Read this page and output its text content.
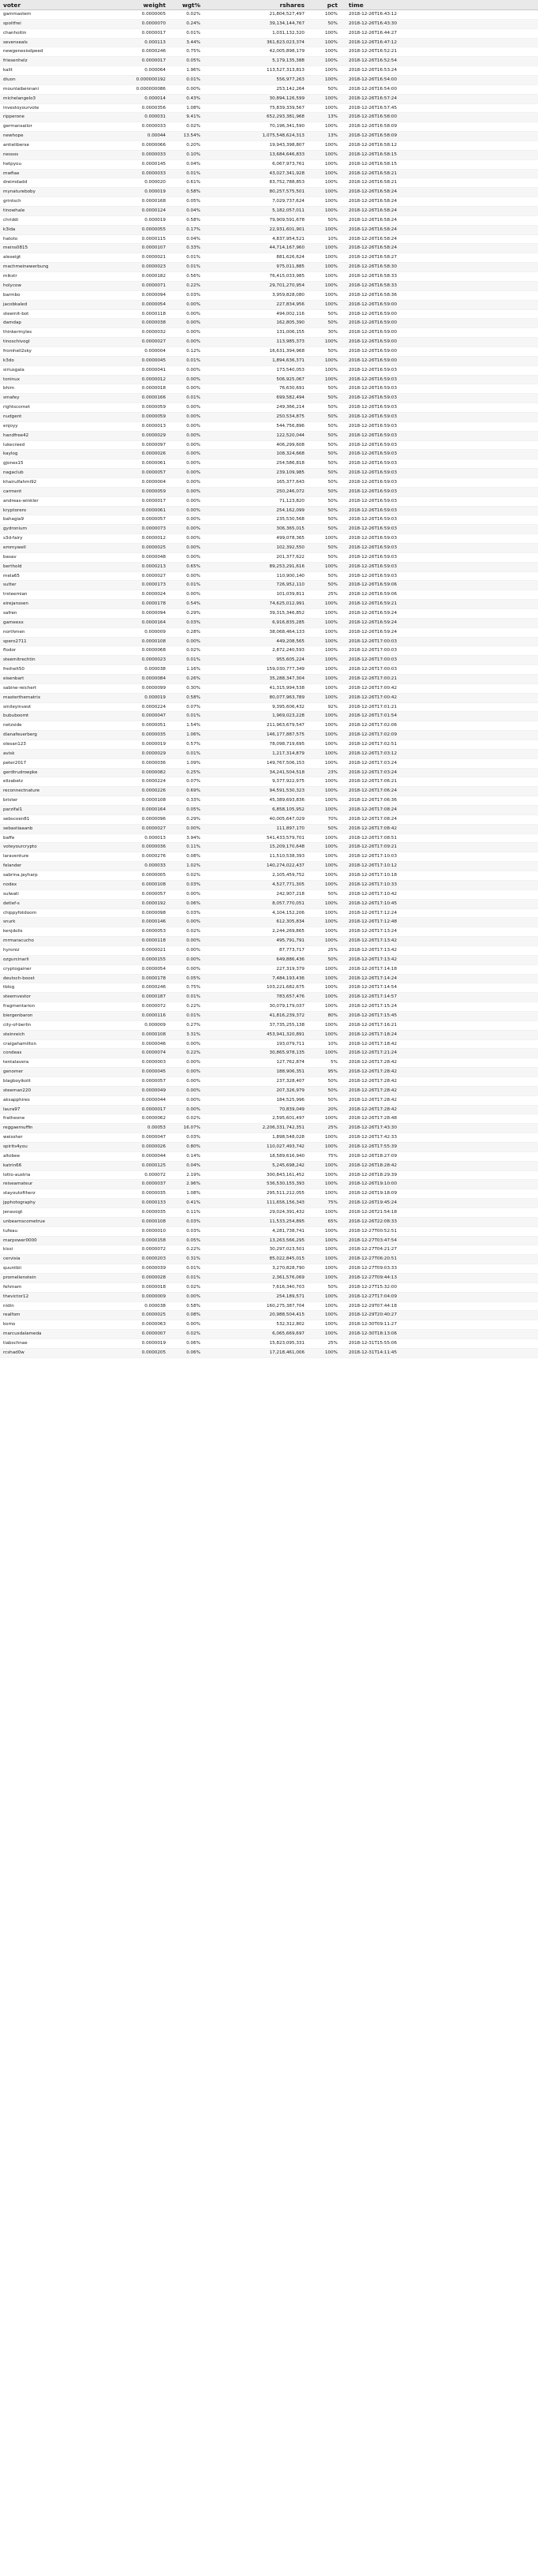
voter	weight	wgt%	rshares	pct	time
gammastern	0.0000005	0.02%	21,804,527,497	100%	2018-12-26T16:43:12
spoitfrei	0.0000070	0.24%	39,134,144,767	50%	2018-12-26T16:43:30
chanhoitin	0.0000017	0.01%	1,031,132,320	100%	2018-12-26T16:44:27
sevenseals	0.000113	3.44%	361,823,023,374	100%	2018-12-26T16:47:12
newgenesisdpeed	0.0000246	0.75%	42,005,898,179	100%	2018-12-26T16:52:21
friesenhelz	0.0000017	0.05%	5,179,135,388	100%	2018-12-26T16:52:54
kalit	0.000064	1.96%	113,527,313,813	100%	2018-12-26T16:53:24
diuon	0.000000192	0.01%	556,977,263	100%	2018-12-26T16:54:00
mounlaibennani	0.000000086	0.00%	253,142,264	50%	2018-12-26T16:54:00
michelangelo3	0.000014	0.43%	30,894,126,599	100%	2018-12-26T16:57:24
investoyourvote	0.0000356	1.08%	75,839,339,567	100%	2018-12-26T16:57:45
ripperone	0.000031	9.41%	652,293,381,968	13%	2018-12-26T16:58:00
germansailor	0.0000033	0.02%	70,196,341,590	100%	2018-12-26T16:58:09
newhope	0.00044	13.54%	1,075,548,624,313	13%	2018-12-26T16:58:09
antieliberse	0.0000066	0.20%	19,943,398,807	100%	2018-12-26T16:58:12
nessos	0.0000033	0.10%	13,684,646,833	100%	2018-12-26T16:58:15
hetpyou	0.0000145	0.04%	6,067,973,761	100%	2018-12-26T16:58:15
mwfiae	0.0000033	0.01%	43,027,341,928	100%	2018-12-26T16:58:21
dreimdadd	0.000020	0.61%	83,752,788,853	100%	2018-12-26T16:58:21
mynatureboby	0.000019	0.58%	80,257,575,501	100%	2018-12-26T16:58:24
grintsch	0.0000168	0.05%	7,029,737,624	100%	2018-12-26T16:58:24
tinowhale	0.0000124	0.04%	5,182,057,011	100%	2018-12-26T16:58:24
chriddi	0.000019	0.58%	79,909,591,678	50%	2018-12-26T16:58:24
k3ida	0.0000055	0.17%	22,931,601,901	100%	2018-12-26T16:58:24
hatoto	0.0000115	0.04%	4,837,954,521	10%	2018-12-26T16:58:24
meins0815	0.0000107	0.33%	44,714,167,960	100%	2018-12-26T16:58:24
alexeigt	0.0000021	0.01%	881,626,624	100%	2018-12-26T16:58:27
machmeinewerbung	0.0000023	0.01%	975,011,885	100%	2018-12-26T16:58:30
mikstr	0.0000182	0.56%	76,415,033,985	100%	2018-12-26T16:58:33
holycow	0.0000071	0.22%	29,701,270,954	100%	2018-12-26T16:58:33
barmbo	0.0000094	0.03%	3,959,828,080	100%	2018-12-26T16:58:36
jacobkaled	0.0000054	0.00%	227,834,956	100%	2018-12-26T16:59:00
steemit-bot	0.0000118	0.00%	494,002,116	50%	2018-12-26T16:59:00
damdap	0.0000038	0.00%	162,805,390	50%	2018-12-26T16:59:00
thinkermyles	0.0000032	0.00%	131,006,155	30%	2018-12-26T16:59:00
tinoschivogl	0.0000027	0.00%	113,985,373	100%	2018-12-26T16:59:00
fromhell2sky	0.000004	0.12%	16,631,394,968	50%	2018-12-26T16:59:00
k3do	0.0000045	0.01%	1,894,636,371	100%	2018-12-26T16:59:00
siriusgala	0.0000041	0.00%	173,540,053	100%	2018-12-26T16:59:03
toninux	0.0000012	0.00%	506,925,067	100%	2018-12-26T16:59:03
bhim	0.0000018	0.00%	76,630,691	50%	2018-12-26T16:59:03
smafey	0.0000166	0.01%	699,582,494	50%	2018-12-26T16:59:03
rightscornet	0.0000059	0.00%	249,366,214	50%	2018-12-26T16:59:03
nudgent	0.0000059	0.00%	250,534,875	50%	2018-12-26T16:59:03
enjoyy	0.0000013	0.00%	544,756,896	50%	2018-12-26T16:59:03
handfree42	0.0000029	0.00%	122,520,044	50%	2018-12-26T16:59:03
lukecreed	0.0000097	0.00%	406,299,608	50%	2018-12-26T16:59:03
kaylog	0.0000026	0.00%	108,324,668	50%	2018-12-26T16:59:03
gjones15	0.0000061	0.00%	254,586,818	50%	2018-12-26T16:59:03
nagaclub	0.0000057	0.00%	239,109,985	50%	2018-12-26T16:59:03
khairulfahmi92	0.0000004	0.00%	165,377,643	50%	2018-12-26T16:59:03
carment	0.0000059	0.00%	250,246,072	50%	2018-12-26T16:59:03
andreas-winkler	0.0000017	0.00%	71,123,820	50%	2018-12-26T16:59:03
kryptorero	0.0000061	0.00%	254,162,099	50%	2018-12-26T16:59:03
bahagia9	0.0000057	0.00%	235,530,568	50%	2018-12-26T16:59:03
gydronium	0.0000073	0.00%	306,365,015	50%	2018-12-26T16:59:03
s3d-fairy	0.0000012	0.00%	499,078,365	100%	2018-12-26T16:59:03
emmywell	0.0000025	0.00%	102,392,550	50%	2018-12-26T16:59:03
basav	0.0000048	0.00%	201,377,622	50%	2018-12-26T16:59:03
berthold	0.0000213	0.65%	89,253,291,616	100%	2018-12-26T16:59:03
mela65	0.0000027	0.00%	110,900,140	50%	2018-12-26T16:59:03
sutter	0.0000173	0.01%	726,952,110	50%	2018-12-26T16:59:06
trsteemian	0.0000024	0.00%	101,039,811	25%	2018-12-26T16:59:06
eirejanssen	0.0000178	0.54%	74,625,012,991	100%	2018-12-26T16:59:21
safren	0.0000094	0.29%	39,315,346,852	100%	2018-12-26T16:59:24
gameexx	0.0000164	0.03%	6,916,835,285	100%	2018-12-26T16:59:24
northmen	0.000009	0.28%	38,068,464,133	100%	2018-12-26T16:59:24
spero2711	0.0000108	0.00%	449,208,565	100%	2018-12-26T17:00:03
flodor	0.0000068	0.02%	2,872,240,593	100%	2018-12-26T17:00:03
steemitrechtin	0.0000023	0.01%	955,605,224	100%	2018-12-26T17:00:03
freihelt50	0.000038	1.16%	159,030,777,349	100%	2018-12-26T17:00:03
eisenbart	0.0000084	0.26%	35,288,347,304	100%	2018-12-26T17:00:21
sabine-reichert	0.0000099	0.30%	41,315,994,538	100%	2018-12-26T17:00:42
masterthematrix	0.000019	0.58%	80,077,963,789	100%	2018-12-26T17:00:42
smileyinvest	0.0000224	0.07%	9,395,606,432	92%	2018-12-26T17:01:21
bububoomt	0.0000047	0.01%	1,969,023,228	100%	2018-12-26T17:01:54
netzside	0.0000051	1.54%	211,963,679,547	100%	2018-12-26T17:02:06
dianafeuerberg	0.0000035	1.06%	146,177,887,575	100%	2018-12-26T17:02:09
olesan123	0.0000019	0.57%	78,098,719,695	100%	2018-12-26T17:02:51
avisk	0.0000029	0.01%	1,217,314,879	100%	2018-12-26T17:03:12
peter2017	0.0000036	1.09%	149,767,506,153	100%	2018-12-26T17:03:24
gerdtrudroepke	0.0000082	0.25%	34,241,504,518	23%	2018-12-26T17:03:24
elizabetz	0.0000224	0.07%	9,377,922,975	100%	2018-12-26T17:06:21
reconnectnature	0.0000226	0.69%	94,591,530,323	100%	2018-12-26T17:06:24
brister	0.0000108	0.33%	45,389,693,836	100%	2018-12-26T17:06:36
parzifal1	0.0000164	0.05%	6,858,105,952	100%	2018-12-26T17:08:24
sebscoen81	0.0000096	0.29%	40,005,647,029	70%	2018-12-26T17:08:24
sebastiaaanb	0.0000027	0.00%	111,897,170	50%	2018-12-26T17:08:42
baffe	0.000013	3.94%	541,433,579,701	100%	2018-12-26T17:08:51
voteyourcrypto	0.0000036	0.11%	15,209,170,648	100%	2018-12-26T17:09:21
laraventure	0.0000276	0.08%	11,510,538,393	100%	2018-12-26T17:10:03
felander	0.000033	1.02%	140,274,022,437	100%	2018-12-26T17:10:12
sabrina.jayharp	0.0000005	0.02%	2,105,459,752	100%	2018-12-26T17:10:18
nodex	0.0000108	0.03%	4,527,771,305	100%	2018-12-26T17:10:33
sulwati	0.0000057	0.00%	242,907,218	50%	2018-12-26T17:10:42
detlef-s	0.0000192	0.06%	8,057,770,051	100%	2018-12-26T17:10:45
chippyfotdoorn	0.0000098	0.03%	4,104,152,206	100%	2018-12-26T17:12:24
snurk	0.0000146	0.00%	612,305,834	100%	2018-12-26T17:12:48
kenjdolis	0.0000053	0.02%	2,244,269,865	100%	2018-12-26T17:13:24
mrmaracucho	0.0000118	0.00%	495,791,791	100%	2018-12-26T17:13:42
hyroniz	0.0000021	0.00%	87,773,717	25%	2018-12-26T17:13:42
ozgurcinarli	0.0000155	0.00%	649,886,436	50%	2018-12-26T17:13:42
cryptogainer	0.0000054	0.00%	227,319,379	100%	2018-12-26T17:14:18
deutsch-boost	0.0000178	0.05%	7,484,193,436	100%	2018-12-26T17:14:24
tblog	0.0000246	0.75%	103,221,682,675	100%	2018-12-26T17:14:54
steemvestor	0.0000187	0.01%	783,657,476	100%	2018-12-26T17:14:57
fragmentarion	0.0000072	0.22%	30,079,179,037	100%	2018-12-26T17:15:24
biergenbaron	0.0000116	0.01%	41,816,239,372	80%	2018-12-26T17:15:45
city-of-berlin	0.000009	0.27%	37,735,255,138	100%	2018-12-26T17:16:21
steinreich	0.0000108	3.31%	453,941,320,891	100%	2018-12-26T17:18:24
craigahamilton	0.0000046	0.00%	193,079,711	10%	2018-12-26T17:18:42
condeas	0.0000074	0.22%	30,865,978,135	100%	2018-12-26T17:21:24
tentalavera	0.0000003	0.00%	127,762,874	5%	2018-12-26T17:28:42
genomer	0.0000045	0.00%	188,906,351	95%	2018-12-26T17:28:42
blagboyikott	0.0000057	0.00%	237,328,407	50%	2018-12-26T17:28:42
steeman220	0.0000049	0.00%	207,326,979	50%	2018-12-26T17:28:42
aksapphires	0.0000044	0.00%	184,525,996	50%	2018-12-26T17:28:42
laura97	0.0000017	0.00%	70,839,049	20%	2018-12-26T17:28:42
fratheone	0.0000062	0.02%	2,595,601,497	100%	2018-12-26T17:28:48
reggaemuffin	0.00053	16.07%	2,206,331,742,351	25%	2018-12-26T17:43:30
weissher	0.0000047	0.03%	1,898,548,028	100%	2018-12-26T17:42:33
spirits4you	0.0000026	0.80%	110,027,493,742	100%	2018-12-26T17:55:39
altobee	0.0000044	0.14%	18,589,616,940	75%	2018-12-26T18:27:09
katrin66	0.0000125	0.04%	5,245,698,242	100%	2018-12-26T18:28:42
lotto-austria	0.000072	2.19%	300,843,161,452	100%	2018-12-26T18:29:39
reiseamateur	0.0000037	2.96%	536,530,155,393	100%	2018-12-26T19:10:00
stayoutoftherz	0.0000035	1.08%	295,511,212,055	100%	2018-12-26T19:18:09
jpphotography	0.0000133	0.41%	111,656,156,343	75%	2018-12-26T19:45:24
jenavogt	0.0000035	0.11%	29,024,391,432	100%	2018-12-26T21:54:18
unbearnscometrue	0.0000108	0.03%	11,533,254,895	65%	2018-12-26T22:08:33
tufeau	0.0000010	0.03%	4,281,738,741	100%	2018-12-27T00:52:51
marpower0000	0.0000158	0.05%	13,263,566,295	100%	2018-12-27T03:47:54
kissi	0.0000072	0.22%	30,297,023,501	100%	2018-12-27T04:21:27
cervisia	0.0000203	0.31%	85,022,845,015	100%	2018-12-27T06:20:51
quuntbii	0.0000039	0.01%	3,270,828,790	100%	2018-12-27T09:03:33
promelienstein	0.0000028	0.01%	2,361,576,069	100%	2018-12-27T09:44:13
fehmam	0.0000018	0.02%	7,616,340,703	50%	2018-12-27T15:32:00
thevictor12	0.0000009	0.00%	254,189,571	100%	2018-12-27T17:04:09
nidin	0.000038	0.58%	160,275,387,704	100%	2018-12-29T07:44:18
realfom	0.0000025	0.08%	20,988,504,415	100%	2018-12-29T20:40:27
komo	0.0000063	0.00%	532,312,802	100%	2018-12-30T09:11:27
marcusdalameda	0.0000007	0.02%	6,065,669,697	100%	2018-12-30T18:13:06
tiabschnae	0.0000019	0.06%	15,823,095,331	25%	2018-12-31T15:55:06
rcshad0w	0.0000205	0.06%	17,218,461,006	100%	2018-12-31T14:11:45
